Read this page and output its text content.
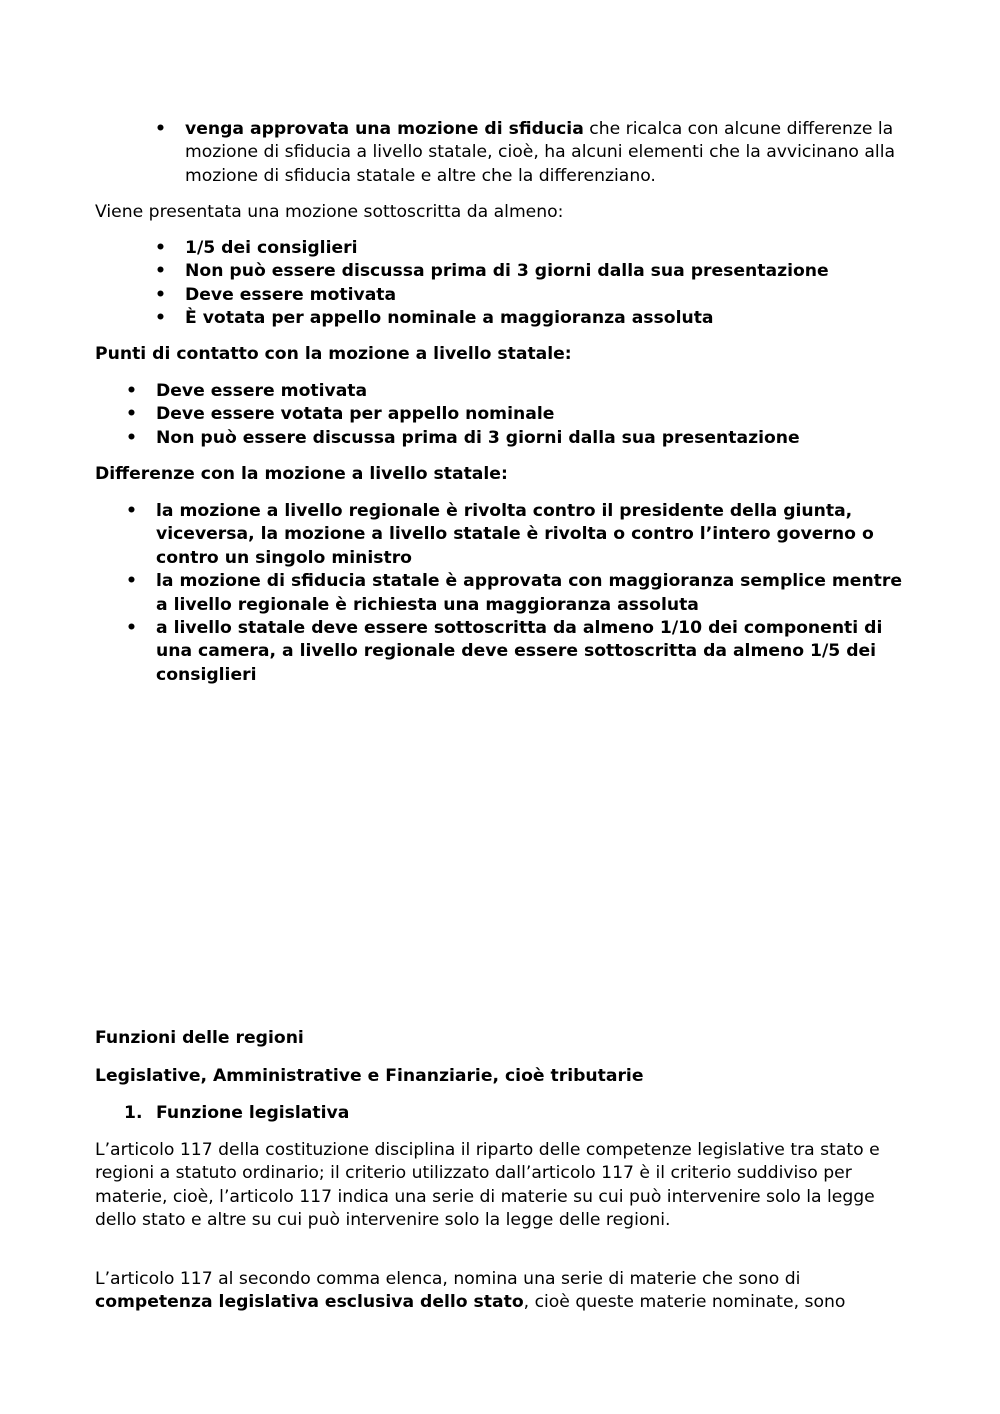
• venga approvata una mozione di sfiducia che ricalca con alcune differenze la mozione di sfiducia a livello statale, cioè, ha alcuni elementi che la avvicinano alla mozione di sfiducia statale e altre che la differenziano.

Viene presentata una mozione sottoscritta da almeno:

• 1/5 dei consiglieri
• Non può essere discussa prima di 3 giorni dalla sua presentazione
• Deve essere motivata
• È votata per appello nominale a maggioranza assoluta

Punti di contatto con la mozione a livello statale:

• Deve essere motivata
• Deve essere votata per appello nominale
• Non può essere discussa prima di 3 giorni dalla sua presentazione

Differenze con la mozione a livello statale:

• la mozione a livello regionale è rivolta contro il presidente della giunta, viceversa, la mozione a livello statale è rivolta o contro l’intero governo o contro un singolo ministro
• la mozione di sfiducia statale è approvata con maggioranza semplice mentre a livello regionale è richiesta una maggioranza assoluta
• a livello statale deve essere sottoscritta da almeno 1/10 dei componenti di una camera, a livello regionale deve essere sottoscritta da almeno 1/5 dei consiglieri

Funzioni delle regioni

Legislative, Amministrative e Finanziarie, cioè tributarie

1. Funzione legislativa

L’articolo 117 della costituzione disciplina il riparto delle competenze legislative tra stato e regioni a statuto ordinario; il criterio utilizzato dall’articolo 117 è il criterio suddiviso per materie, cioè, l’articolo 117 indica una serie di materie su cui può intervenire solo la legge dello stato e altre su cui può intervenire solo la legge delle regioni.

L’articolo 117 al secondo comma elenca, nomina una serie di materie che sono di competenza legislativa esclusiva dello stato, cioè queste materie nominate, sono
